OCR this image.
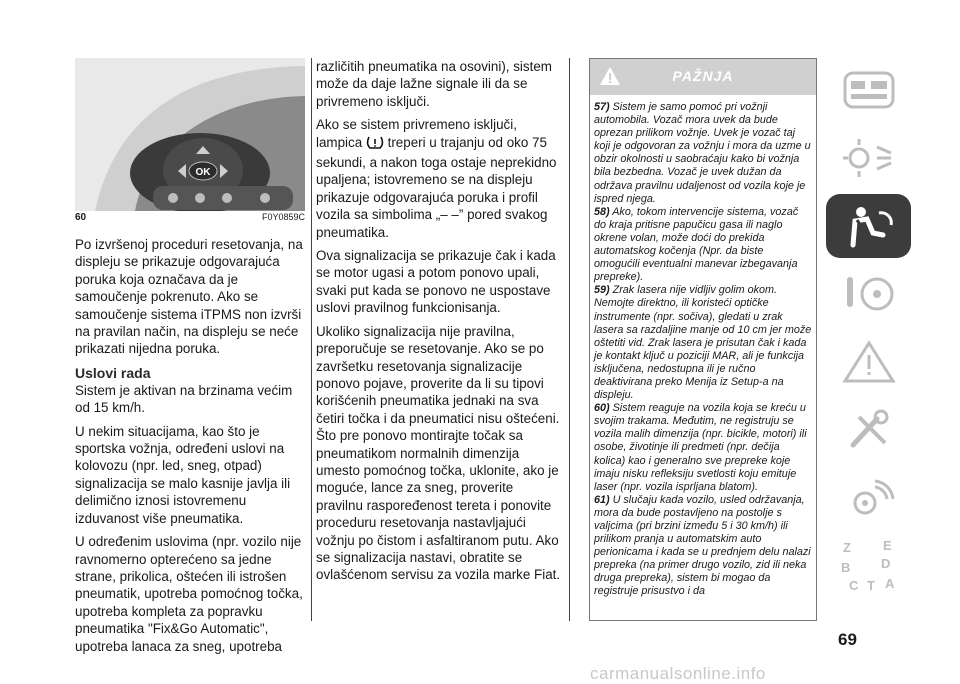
OK
60	F0Y0859C

Po izvršenoj proceduri resetovanja, na displeju se prikazuje odgovarajuća poruka koja označava da je samoučenje pokrenuto. Ako se samoučenje sistema iTPMS non izvrši na pravilan način, na displeju se neće prikazati nijedna poruka.

Uslovi rada

Sistem je aktivan na brzinama većim od 15 km/h.

U nekim situacijama, kao što je sportska vožnja, određeni uslovi na kolovozu (npr. led, sneg, otpad) signalizacija se malo kasnije javlja ili delimično iznosi istovremenu izduvanost više pneumatika.

U određenim uslovima (npr. vozilo nije ravnomerno opterećeno sa jedne strane, prikolica, oštećen ili istrošen pneumatik, upotreba pomoćnog točka, upotreba kompleta za popravku pneumatika "Fix&Go Automatic", upotreba lanaca za sneg, upotreba

različitih pneumatika na osovini), sistem može da daje lažne signale ili da se privremeno isključi.

Ako se sistem privremeno isključi, lampica treperi u trajanju od oko 75 sekundi, a nakon toga ostaje neprekidno upaljena; istovremeno se na displeju prikazuje odgovarajuća poruka i profil vozila sa simbolima „– –” pored svakog pneumatika.

Ova signalizacija se prikazuje čak i kada se motor ugasi a potom ponovo upali, svaki put kada se ponovo ne uspostave uslovi pravilnog funkcionisanja.

Ukoliko signalizacija nije pravilna, preporučuje se resetovanje. Ako se po završetku resetovanja signalizacije ponovo pojave, proverite da li su tipovi korišćenih pneumatika jednaki na sva četiri točka i da pneumatici nisu oštećeni. Što pre ponovo montirajte točak sa pneumatikom normalnih dimenzija umesto pomoćnog točka, uklonite, ako je moguće, lance za sneg, proverite pravilnu raspoređenost tereta i ponovite proceduru resetovanja nastavljajući vožnju po čistom i asfaltiranom putu. Ako se signalizacija nastavi, obratite se ovlašćenom servisu za vozila marke Fiat.

PAŽNJA

57) Sistem je samo pomoć pri vožnji automobila. Vozač mora uvek da bude oprezan prilikom vožnje. Uvek je vozač taj koji je odgovoran za vožnju i mora da uzme u obzir okolnosti u saobraćaju kako bi vožnja bila bezbedna. Vozač je uvek dužan da održava pravilnu udaljenost od vozila koje je ispred njega.

58) Ako, tokom intervencije sistema, vozač do kraja pritisne papučicu gasa ili naglo okrene volan, može doći do prekida automatskog kočenja (Npr. da biste omogućili eventualni manevar izbegavanja prepreke).

59) Zrak lasera nije vidljiv golim okom. Nemojte direktno, ili koristeći optičke instrumente (npr. sočiva), gledati u zrak lasera sa razdaljine manje od 10 cm jer može oštetiti vid. Zrak lasera je prisutan čak i kada je kontakt ključ u poziciji MAR, ali je funkcija isključena, nedostupna ili je ručno deaktivirana preko Menija iz Setup-a na displeju.

60) Sistem reaguje na vozila koja se kreću u svojim trakama. Međutim, ne registruju se vozila malih dimenzija (npr. bicikle, motori) ili osobe, životinje ili predmeti (npr. dečija kolica) kao i generalno sve prepreke koje imaju nisku refleksiju svetlosti koju emituje laser (npr. vozila isprljana blatom).

61) U slučaju kada vozilo, usled održavanja, mora da bude postavljeno na postolje s valjcima (pri brzini između 5 i 30 km/h) ili prilikom pranja u automatskim auto perionicama i kada se u prednjem delu nalazi prepreka (na primer drugo vozilo, zid ili neka druga prepreka), sistem bi mogao da registruje prisustvo i da

Z E
B D
C T A
69
carmanualsonline.info
